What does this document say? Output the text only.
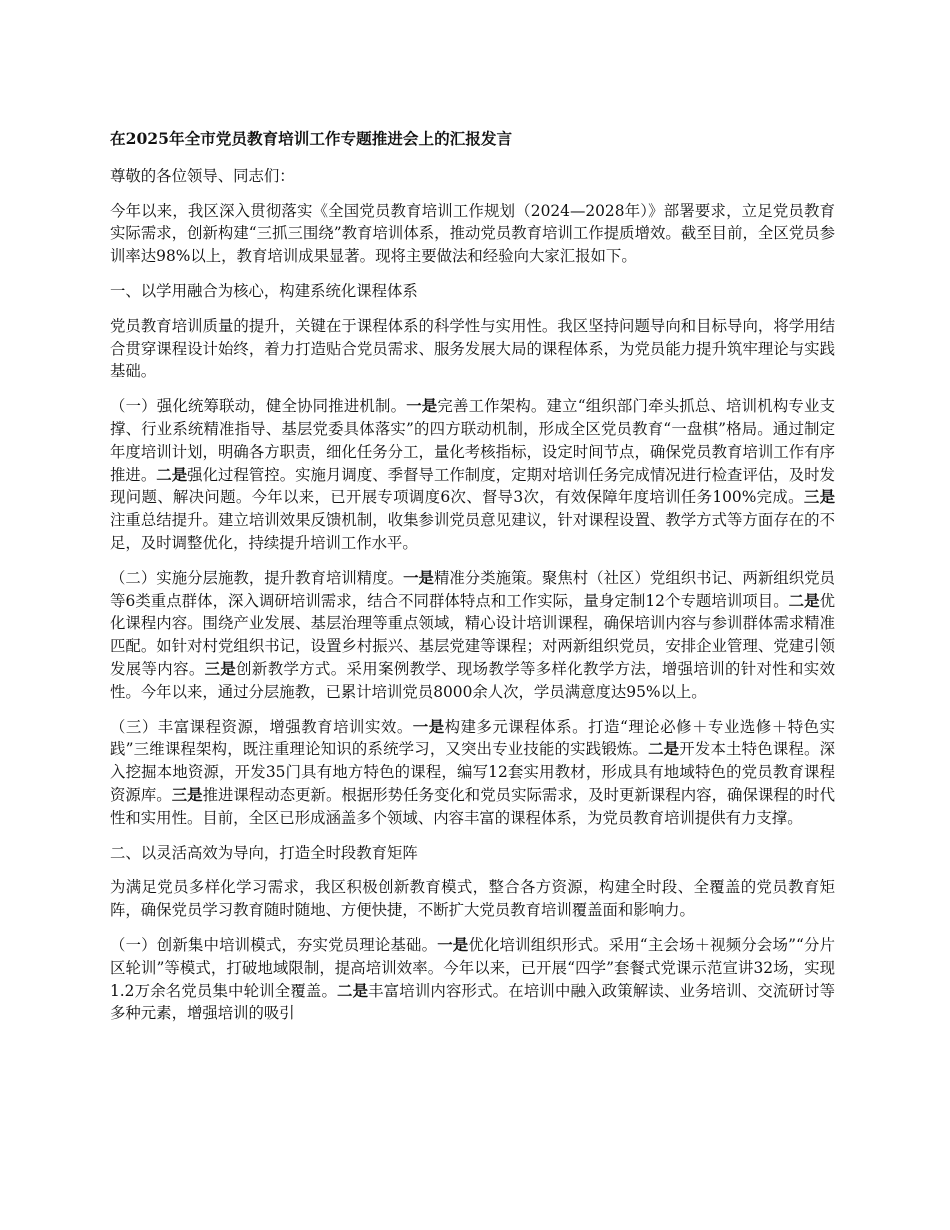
在2025年全市党员教育培训工作专题推进会上的汇报发言

尊敬的各位领导、同志们：

今年以来，我区深入贯彻落实《全国党员教育培训工作规划（2024—2028年）》部署要求，立足党员教育实际需求，创新构建“三抓三围绕”教育培训体系，推动党员教育培训工作提质增效。截至目前，全区党员参训率达98%以上，教育培训成果显著。现将主要做法和经验向大家汇报如下。

一、以学用融合为核心，构建系统化课程体系

党员教育培训质量的提升，关键在于课程体系的科学性与实用性。我区坚持问题导向和目标导向，将学用结合贯穿课程设计始终，着力打造贴合党员需求、服务发展大局的课程体系，为党员能力提升筑牢理论与实践基础。

（一）强化统筹联动，健全协同推进机制。一是完善工作架构。建立“组织部门牵头抓总、培训机构专业支撑、行业系统精准指导、基层党委具体落实”的四方联动机制，形成全区党员教育“一盘棋”格局。通过制定年度培训计划，明确各方职责，细化任务分工，量化考核指标，设定时间节点，确保党员教育培训工作有序推进。二是强化过程管控。实施月调度、季督导工作制度，定期对培训任务完成情况进行检查评估，及时发现问题、解决问题。今年以来，已开展专项调度6次、督导3次，有效保障年度培训任务100%完成。三是注重总结提升。建立培训效果反馈机制，收集参训党员意见建议，针对课程设置、教学方式等方面存在的不足，及时调整优化，持续提升培训工作水平。

（二）实施分层施教，提升教育培训精度。一是精准分类施策。聚焦村（社区）党组织书记、两新组织党员等6类重点群体，深入调研培训需求，结合不同群体特点和工作实际，量身定制12个专题培训项目。二是优化课程内容。围绕产业发展、基层治理等重点领域，精心设计培训课程，确保培训内容与参训群体需求精准匹配。如针对村党组织书记，设置乡村振兴、基层党建等课程；对两新组织党员，安排企业管理、党建引领发展等内容。三是创新教学方式。采用案例教学、现场教学等多样化教学方法，增强培训的针对性和实效性。今年以来，通过分层施教，已累计培训党员8000余人次，学员满意度达95%以上。

（三）丰富课程资源，增强教育培训实效。一是构建多元课程体系。打造“理论必修＋专业选修＋特色实践”三维课程架构，既注重理论知识的系统学习，又突出专业技能的实践锻炼。二是开发本土特色课程。深入挖掘本地资源，开发35门具有地方特色的课程，编写12套实用教材，形成具有地域特色的党员教育课程资源库。三是推进课程动态更新。根据形势任务变化和党员实际需求，及时更新课程内容，确保课程的时代性和实用性。目前，全区已形成涵盖多个领域、内容丰富的课程体系，为党员教育培训提供有力支撑。

二、以灵活高效为导向，打造全时段教育矩阵

为满足党员多样化学习需求，我区积极创新教育模式，整合各方资源，构建全时段、全覆盖的党员教育矩阵，确保党员学习教育随时随地、方便快捷，不断扩大党员教育培训覆盖面和影响力。

（一）创新集中培训模式，夯实党员理论基础。一是优化培训组织形式。采用“主会场＋视频分会场”“分片区轮训”等模式，打破地域限制，提高培训效率。今年以来，已开展“四学”套餐式党课示范宣讲32场，实现1.2万余名党员集中轮训全覆盖。二是丰富培训内容形式。在培训中融入政策解读、业务培训、交流研讨等多种元素，增强培训的吸引
